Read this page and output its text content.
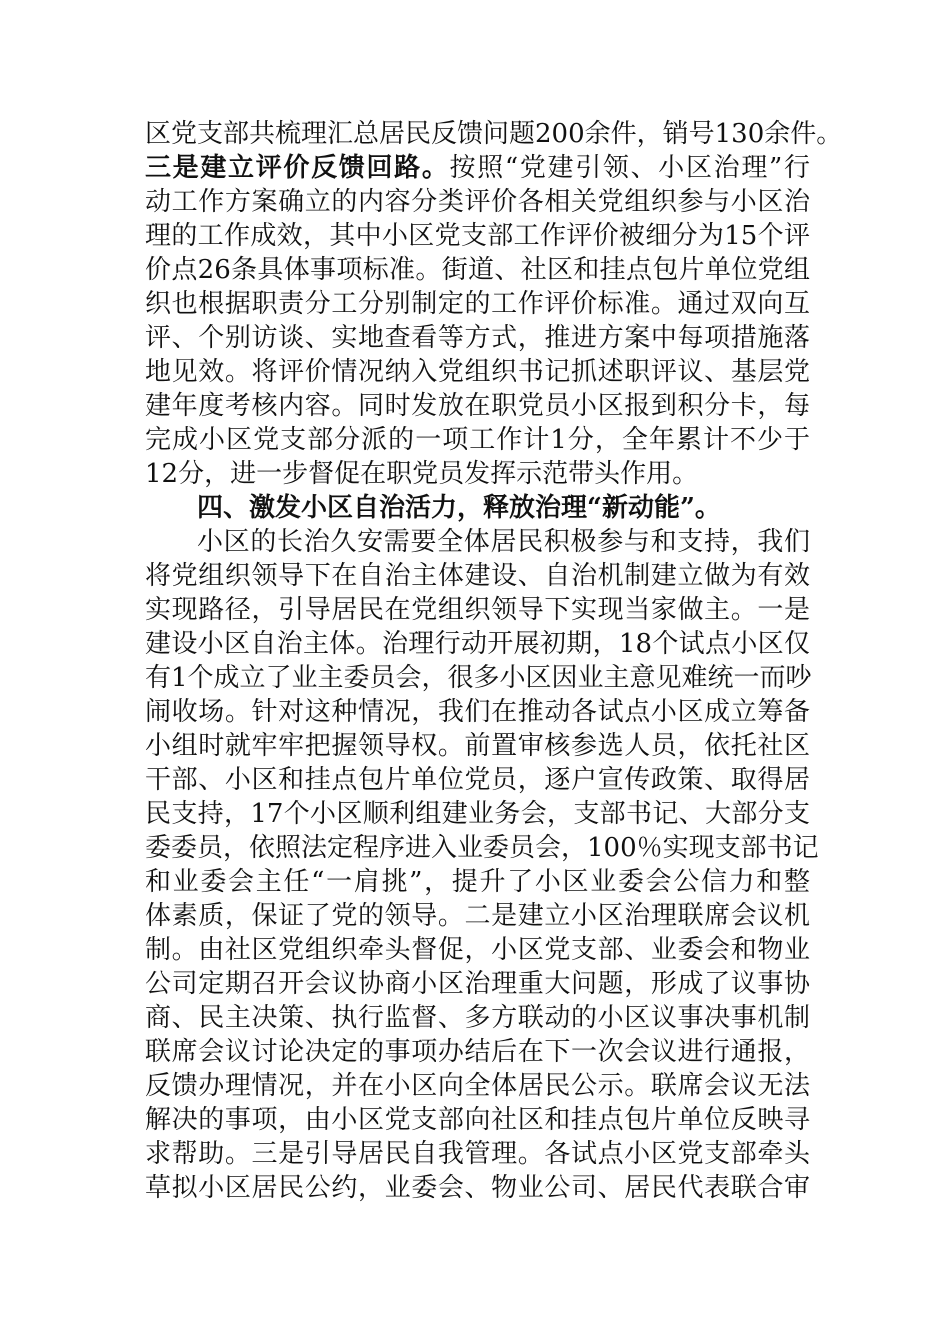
区党支部共梳理汇总居民反馈问题200余件，销号130余件。
三是建立评价反馈回路。按照“党建引领、小区治理”行
动工作方案确立的内容分类评价各相关党组织参与小区治
理的工作成效，其中小区党支部工作评价被细分为15个评
价点26条具体事项标准。街道、社区和挂点包片单位党组
织也根据职责分工分别制定的工作评价标准。通过双向互
评、个别访谈、实地查看等方式，推进方案中每项措施落
地见效。将评价情况纳入党组织书记抓述职评议、基层党
建年度考核内容。同时发放在职党员小区报到积分卡，每
完成小区党支部分派的一项工作计1分，全年累计不少于
12分，进一步督促在职党员发挥示范带头作用。
四、激发小区自治活力，释放治理“新动能”。
小区的长治久安需要全体居民积极参与和支持，我们
将党组织领导下在自治主体建设、自治机制建立做为有效
实现路径，引导居民在党组织领导下实现当家做主。一是
建设小区自治主体。治理行动开展初期，18个试点小区仅
有1个成立了业主委员会，很多小区因业主意见难统一而吵
闹收场。针对这种情况，我们在推动各试点小区成立筹备
小组时就牢牢把握领导权。前置审核参选人员，依托社区
干部、小区和挂点包片单位党员，逐户宣传政策、取得居
民支持，17个小区顺利组建业务会，支部书记、大部分支
委委员，依照法定程序进入业委员会，100％实现支部书记
和业委会主任“一肩挑”，提升了小区业委会公信力和整
体素质，保证了党的领导。二是建立小区治理联席会议机
制。由社区党组织牵头督促，小区党支部、业委会和物业
公司定期召开会议协商小区治理重大问题，形成了议事协
商、民主决策、执行监督、多方联动的小区议事决事机制
联席会议讨论决定的事项办结后在下一次会议进行通报，
反馈办理情况，并在小区向全体居民公示。联席会议无法
解决的事项，由小区党支部向社区和挂点包片单位反映寻
求帮助。三是引导居民自我管理。各试点小区党支部牵头
草拟小区居民公约，业委会、物业公司、居民代表联合审
